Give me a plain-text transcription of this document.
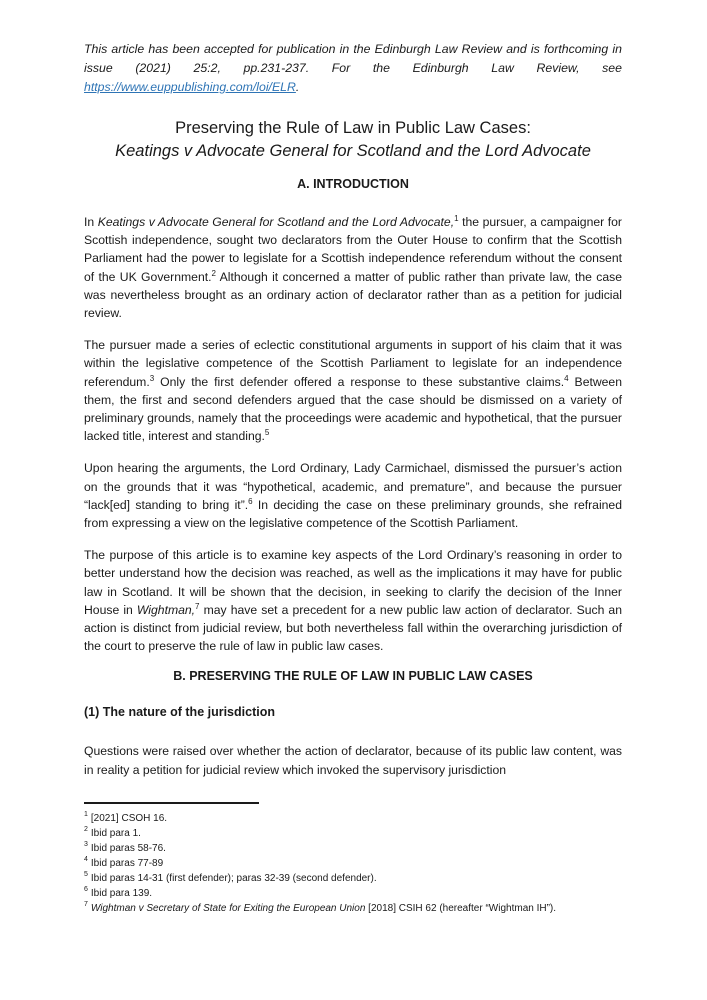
This article has been accepted for publication in the Edinburgh Law Review and is forthcoming in issue (2021) 25:2, pp.231-237. For the Edinburgh Law Review, see https://www.euppublishing.com/loi/ELR.

Preserving the Rule of Law in Public Law Cases:
Keatings v Advocate General for Scotland and the Lord Advocate
A. INTRODUCTION

In Keatings v Advocate General for Scotland and the Lord Advocate,$^1$ the pursuer, a campaigner for Scottish independence, sought two declarators from the Outer House to confirm that the Scottish Parliament had the power to legislate for a Scottish independence referendum without the consent of the UK Government.$^2$ Although it concerned a matter of public rather than private law, the case was nevertheless brought as an ordinary action of declarator rather than as a petition for judicial review.

The pursuer made a series of eclectic constitutional arguments in support of his claim that it was within the legislative competence of the Scottish Parliament to legislate for an independence referendum.$^3$ Only the first defender offered a response to these substantive claims.$^4$ Between them, the first and second defenders argued that the case should be dismissed on a variety of preliminary grounds, namely that the proceedings were academic and hypothetical, that the pursuer lacked title, interest and standing.$^5$

Upon hearing the arguments, the Lord Ordinary, Lady Carmichael, dismissed the pursuer’s action on the grounds that it was “hypothetical, academic, and premature”, and because the pursuer “lack[ed] standing to bring it”.$^6$ In deciding the case on these preliminary grounds, she refrained from expressing a view on the legislative competence of the Scottish Parliament.

The purpose of this article is to examine key aspects of the Lord Ordinary’s reasoning in order to better understand how the decision was reached, as well as the implications it may have for public law in Scotland. It will be shown that the decision, in seeking to clarify the decision of the Inner House in Wightman,$^7$ may have set a precedent for a new public law action of declarator. Such an action is distinct from judicial review, but both nevertheless fall within the overarching jurisdiction of the court to preserve the rule of law in public law cases.

B. PRESERVING THE RULE OF LAW IN PUBLIC LAW CASES
(1) The nature of the jurisdiction

Questions were raised over whether the action of declarator, because of its public law content, was in reality a petition for judicial review which invoked the supervisory jurisdiction

$^1$ [2021] CSOH 16.
$^2$ Ibid para 1.
$^3$ Ibid paras 58-76.
$^4$ Ibid paras 77-89
$^5$ Ibid paras 14-31 (first defender); paras 32-39 (second defender).
$^6$ Ibid para 139.
$^7$ Wightman v Secretary of State for Exiting the European Union [2018] CSIH 62 (hereafter “Wightman IH”).
